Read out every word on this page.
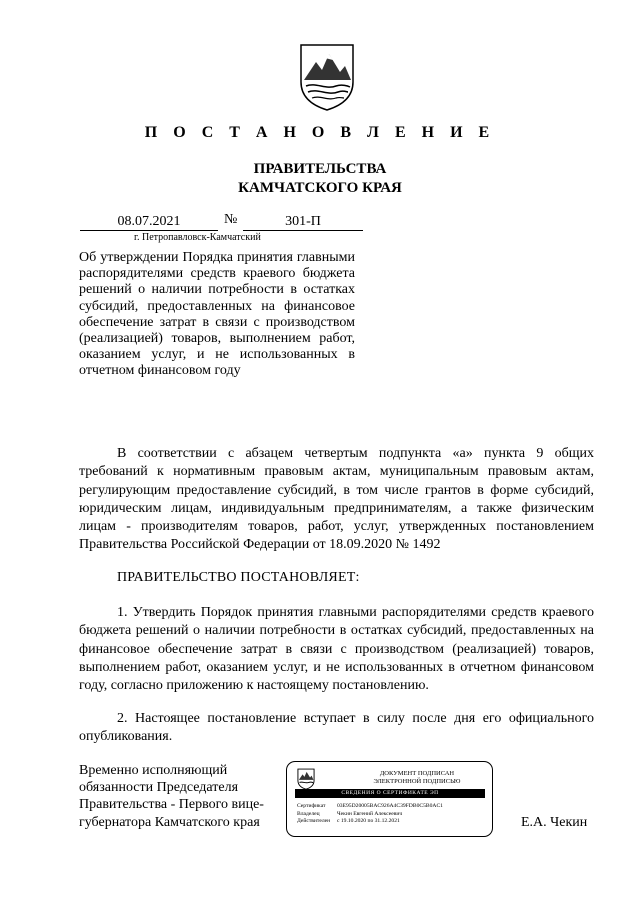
П О С Т А Н О В Л Е Н И Е
ПРАВИТЕЛЬСТВА
КАМЧАТСКОГО КРАЯ
08.07.2021	№	301-П
г. Петропавловск-Камчатский
Об утверждении Порядка принятия главными распорядителями средств краевого бюджета решений о наличии потребности в остатках субсидий, предоставленных на финансовое обеспечение затрат в связи с производством (реализацией) товаров, выполнением работ, оказанием услуг, и не использованных в отчетном финансовом году
В соответствии с абзацем четвертым подпункта «а» пункта 9 общих требований к нормативным правовым актам, муниципальным правовым актам, регулирующим предоставление субсидий, в том числе грантов в форме субсидий, юридическим лицам, индивидуальным предпринимателям, а также физическим лицам - производителям товаров, работ, услуг, утвержденных постановлением Правительства Российской Федерации от 18.09.2020 № 1492
ПРАВИТЕЛЬСТВО ПОСТАНОВЛЯЕТ:
1. Утвердить Порядок принятия главными распорядителями средств краевого бюджета решений о наличии потребности в остатках субсидий, предоставленных на финансовое обеспечение затрат в связи с производством (реализацией) товаров, выполнением работ, оказанием услуг, и не использованных в отчетном финансовом году, согласно приложению к настоящему постановлению.
2. Настоящее постановление вступает в силу после дня его официального опубликования.
Временно исполняющий обязанности Председателя Правительства - Первого вице-губернатора Камчатского края
ДОКУМЕНТ ПОДПИСАН
ЭЛЕКТРОННОЙ ПОДПИСЬЮ
СВЕДЕНИЯ О СЕРТИФИКАТЕ ЭП
Сертификат 03E95D20005BAC926A4C39FDB0C5B0AC1
Владелец	Чекин Евгений Алексеевич
Действителен с 19.10.2020 по 31.12.2021	Е.А. Чекин
